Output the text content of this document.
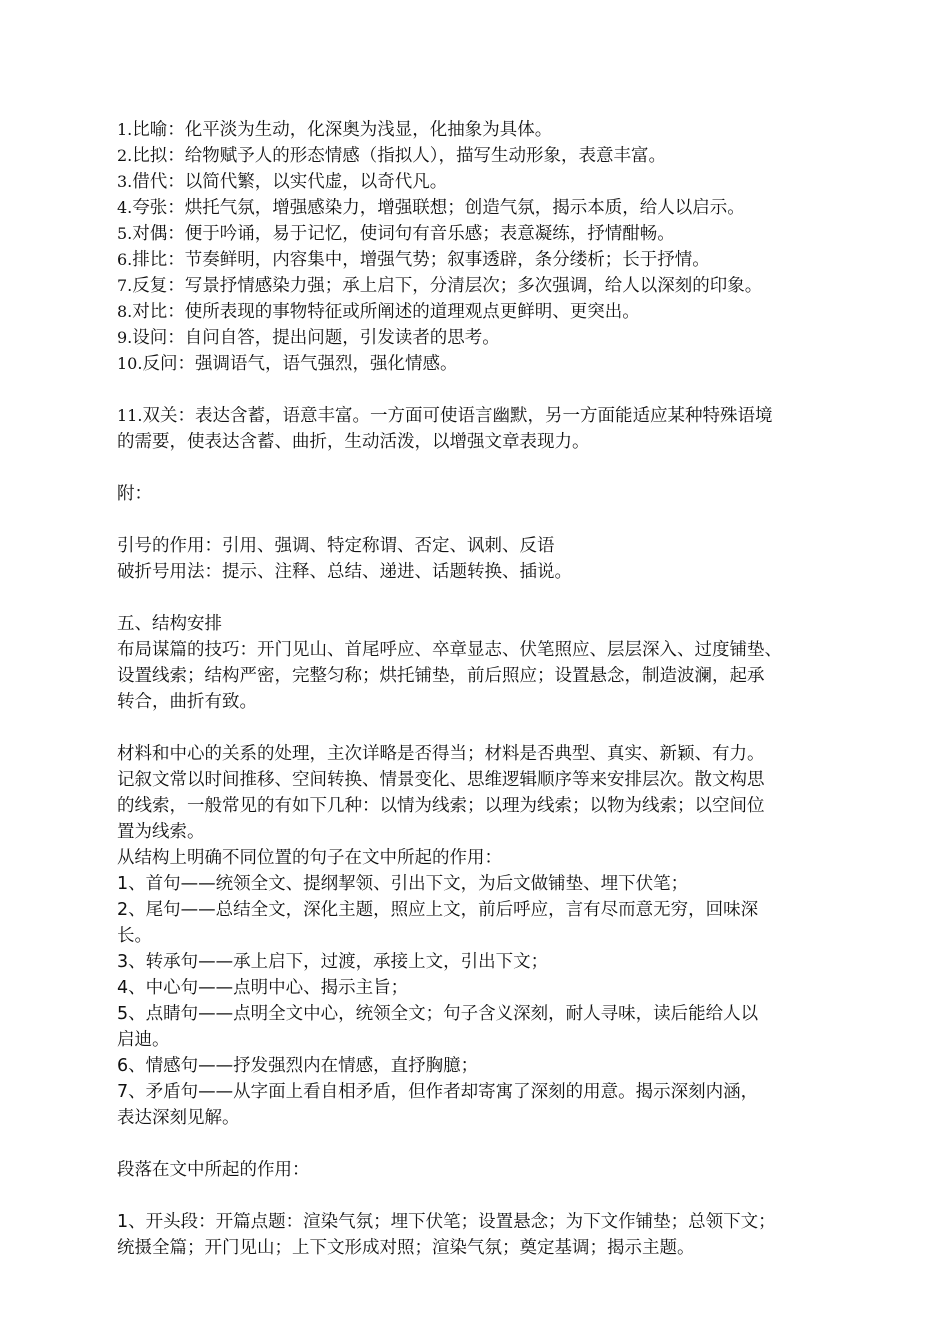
1.比喻：化平淡为生动，化深奥为浅显，化抽象为具体。
2.比拟：给物赋予人的形态情感（指拟人），描写生动形象，表意丰富。
3.借代：以简代繁，以实代虚，以奇代凡。
4.夸张：烘托气氛，增强感染力，增强联想；创造气氛，揭示本质，给人以启示。
5.对偶：便于吟诵，易于记忆，使词句有音乐感；表意凝练，抒情酣畅。
6.排比：节奏鲜明，内容集中，增强气势；叙事透辟，条分缕析；长于抒情。
7.反复：写景抒情感染力强；承上启下，分清层次；多次强调，给人以深刻的印象。
8.对比：使所表现的事物特征或所阐述的道理观点更鲜明、更突出。
9.设问：自问自答，提出问题，引发读者的思考。
10.反问：强调语气，语气强烈，强化情感。
11.双关：表达含蓄，语意丰富。一方面可使语言幽默，另一方面能适应某种特殊语境
的需要，使表达含蓄、曲折，生动活泼，以增强文章表现力。
附：
引号的作用：引用、强调、特定称谓、否定、讽刺、反语
破折号用法：提示、注释、总结、递进、话题转换、插说。
五、结构安排
布局谋篇的技巧：开门见山、首尾呼应、卒章显志、伏笔照应、层层深入、过度铺垫、
设置线索；结构严密，完整匀称；烘托铺垫，前后照应；设置悬念，制造波澜，起承
转合，曲折有致。
材料和中心的关系的处理，主次详略是否得当；材料是否典型、真实、新颖、有力。
记叙文常以时间推移、空间转换、情景变化、思维逻辑顺序等来安排层次。散文构思
的线索，一般常见的有如下几种：以情为线索；以理为线索；以物为线索；以空间位
置为线索。
从结构上明确不同位置的句子在文中所起的作用：
1、首句——统领全文、提纲挈领、引出下文，为后文做铺垫、埋下伏笔；
2、尾句——总结全文，深化主题，照应上文，前后呼应，言有尽而意无穷，回味深
长。
3、转承句——承上启下，过渡，承接上文，引出下文；
4、中心句——点明中心、揭示主旨；
5、点睛句——点明全文中心，统领全文；句子含义深刻，耐人寻味，读后能给人以
启迪。
6、情感句——抒发强烈内在情感，直抒胸臆；
7、矛盾句——从字面上看自相矛盾，但作者却寄寓了深刻的用意。揭示深刻内涵，
表达深刻见解。
段落在文中所起的作用：
1、开头段：开篇点题：渲染气氛；埋下伏笔；设置悬念；为下文作铺垫；总领下文；
统摄全篇；开门见山；上下文形成对照；渲染气氛；奠定基调；揭示主题。
